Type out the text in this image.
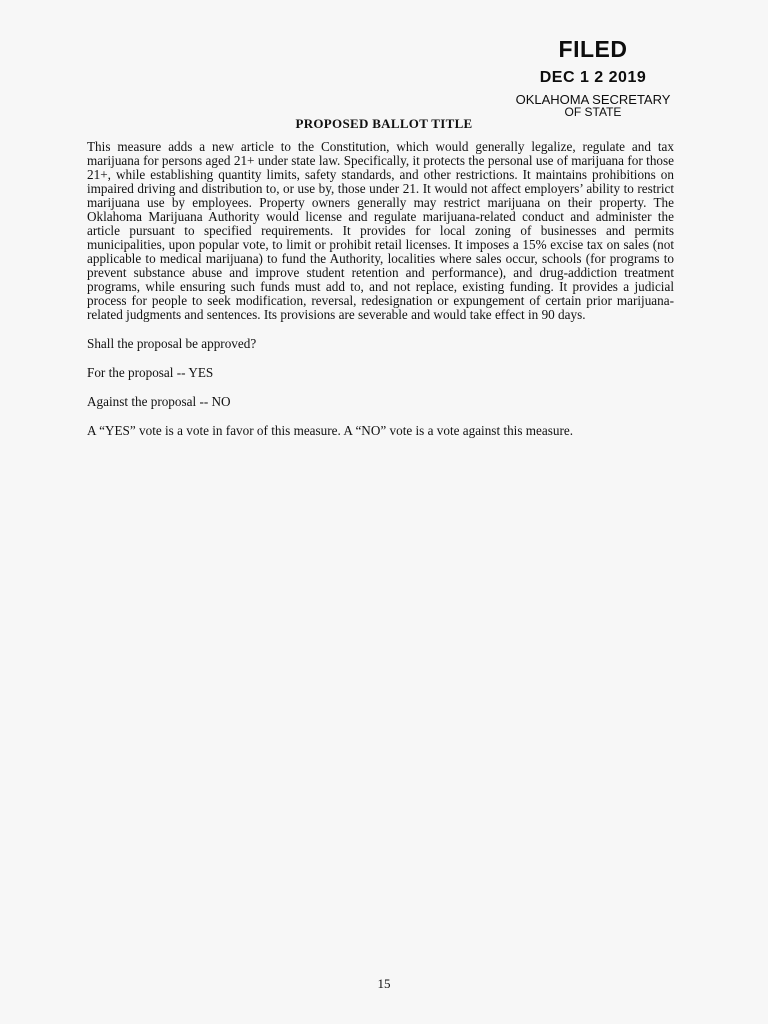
FILED
DEC 1 2 2019
OKLAHOMA SECRETARY
OF STATE
PROPOSED BALLOT TITLE

This measure adds a new article to the Constitution, which would generally legalize, regulate and tax marijuana for persons aged 21+ under state law. Specifically, it protects the personal use of marijuana for those 21+, while establishing quantity limits, safety standards, and other restrictions. It maintains prohibitions on impaired driving and distribution to, or use by, those under 21. It would not affect employers’ ability to restrict marijuana use by employees. Property owners generally may restrict marijuana on their property. The Oklahoma Marijuana Authority would license and regulate marijuana-related conduct and administer the article pursuant to specified requirements. It provides for local zoning of businesses and permits municipalities, upon popular vote, to limit or prohibit retail licenses. It imposes a 15% excise tax on sales (not applicable to medical marijuana) to fund the Authority, localities where sales occur, schools (for programs to prevent substance abuse and improve student retention and performance), and drug-addiction treatment programs, while ensuring such funds must add to, and not replace, existing funding. It provides a judicial process for people to seek modification, reversal, redesignation or expungement of certain prior marijuana-related judgments and sentences. Its provisions are severable and would take effect in 90 days.

Shall the proposal be approved?

For the proposal -- YES

Against the proposal -- NO

A “YES” vote is a vote in favor of this measure. A “NO” vote is a vote against this measure.

15
